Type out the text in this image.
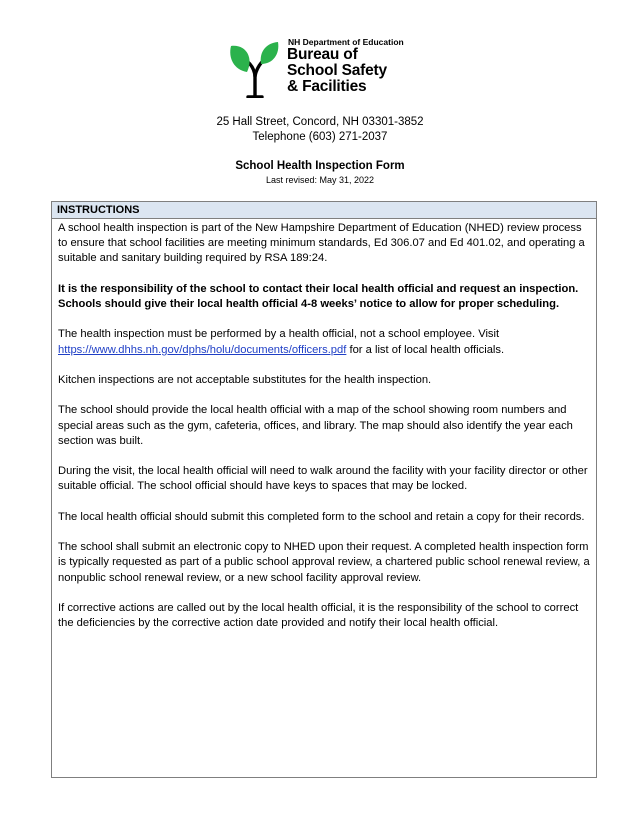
NH Department of Education
Bureau of
School Safety
& Facilities
25 Hall Street, Concord, NH 03301-3852
Telephone (603) 271-2037
School Health Inspection Form
Last revised: May 31, 2022
INSTRUCTIONS

A school health inspection is part of the New Hampshire Department of Education (NHED) review process to ensure that school facilities are meeting minimum standards, Ed 306.07 and Ed 401.02, and operating a suitable and sanitary building required by RSA 189:24.

It is the responsibility of the school to contact their local health official and request an inspection. Schools should give their local health official 4-8 weeks’ notice to allow for proper scheduling.

The health inspection must be performed by a health official, not a school employee. Visit
https://www.dhhs.nh.gov/dphs/holu/documents/officers.pdf for a list of local health officials.

Kitchen inspections are not acceptable substitutes for the health inspection.

The school should provide the local health official with a map of the school showing room numbers and special areas such as the gym, cafeteria, offices, and library. The map should also identify the year each section was built.

During the visit, the local health official will need to walk around the facility with your facility director or other suitable official. The school official should have keys to spaces that may be locked.

The local health official should submit this completed form to the school and retain a copy for their records.

The school shall submit an electronic copy to NHED upon their request. A completed health inspection form is typically requested as part of a public school approval review, a chartered public school renewal review, a nonpublic school renewal review, or a new school facility approval review.

If corrective actions are called out by the local health official, it is the responsibility of the school to correct the deficiencies by the corrective action date provided and notify their local health official.
